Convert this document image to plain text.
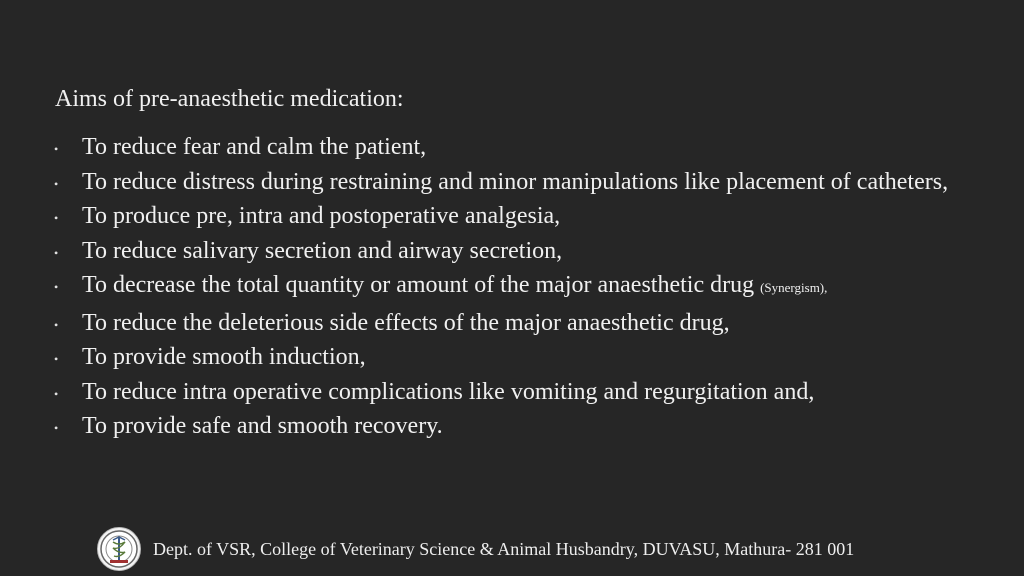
Aims of pre-anaesthetic medication:
• To reduce fear and calm the patient,
• To reduce distress during restraining and minor manipulations like placement of catheters,
• To produce pre, intra and postoperative analgesia,
• To reduce salivary secretion and airway secretion,
• To decrease the total quantity or amount of the major anaesthetic drug (Synergism),
• To reduce the deleterious side effects of the major anaesthetic drug,
• To provide smooth induction,
• To reduce intra operative complications like vomiting and regurgitation and,
• To provide safe and smooth recovery.
Dept. of VSR, College of Veterinary Science & Animal Husbandry, DUVASU, Mathura- 281 001
